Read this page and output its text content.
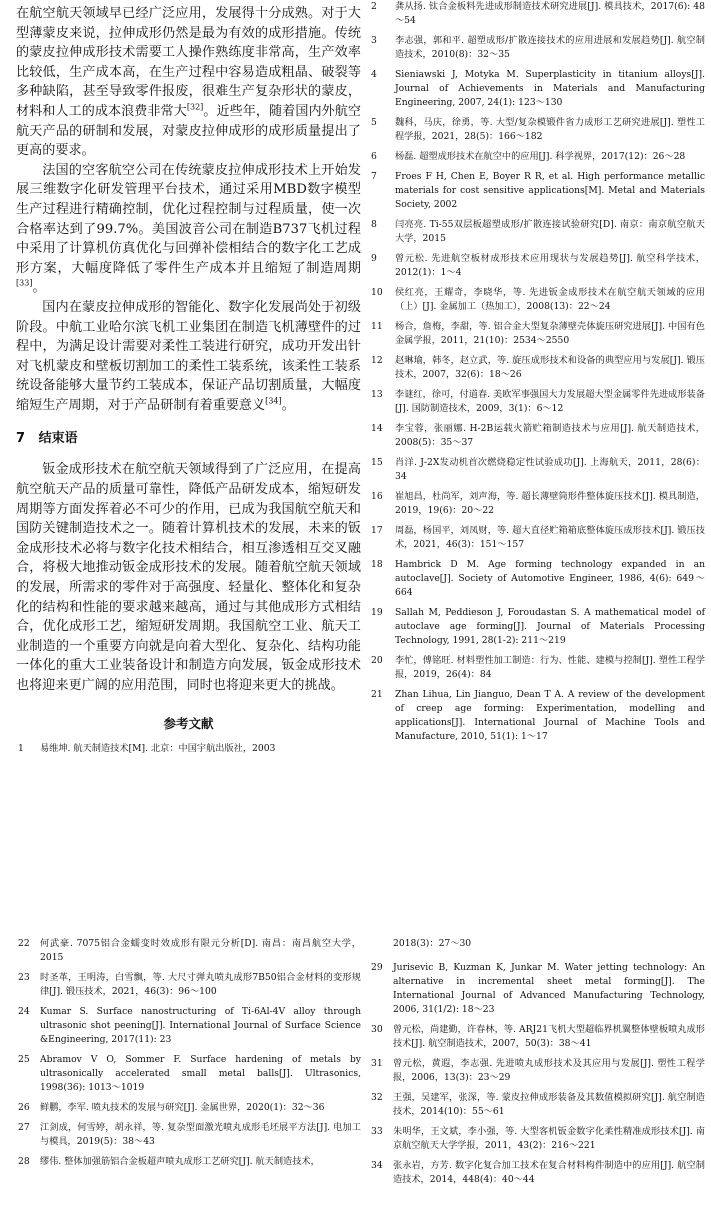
在航空航天领域早已经广泛应用，发展得十分成熟。对于大型薄蒙皮来说，拉伸成形仍然是最为有效的成形措施。传统的蒙皮拉伸成形技术需要工人操作熟练度非常高，生产效率比较低，生产成本高，在生产过程中容易造成粗晶、破裂等多种缺陷，甚至导致零件报废，很难生产复杂形状的蒙皮，材料和人工的成本浪费非常大[32]。近些年，随着国内外航空航天产品的研制和发展，对蒙皮拉伸成形的成形质量提出了更高的要求。

法国的空客航空公司在传统蒙皮拉伸成形技术上开始发展三维数字化研发管理平台技术，通过采用MBD数字模型生产过程进行精确控制，优化过程控制与过程质量，使一次合格率达到了99.7%。美国波音公司在制造B737飞机过程中采用了计算机仿真优化与回弹补偿相结合的数字化工艺成形方案，大幅度降低了零件生产成本并且缩短了制造周期[33]。

国内在蒙皮拉伸成形的智能化、数字化发展尚处于初级阶段。中航工业哈尔滨飞机工业集团在制造飞机薄壁件的过程中，为满足设计需要对柔性工装进行研究，成功开发出针对飞机蒙皮和壁板切割加工的柔性工装系统，该柔性工装系统设备能够大量节约工装成本，保证产品切割质量，大幅度缩短生产周期，对于产品研制有着重要意义[34]。

7 结束语

钣金成形技术在航空航天领域得到了广泛应用，在提高航空航天产品的质量可靠性，降低产品研发成本，缩短研发周期等方面发挥着必不可少的作用，已成为我国航空航天和国防关键制造技术之一。随着计算机技术的发展，未来的钣金成形技术必将与数字化技术相结合，相互渗透相互交叉融合，将极大地推动钣金成形技术的发展。随着航空航天领域的发展，所需求的零件对于高强度、轻量化、整体化和复杂化的结构和性能的要求越来越高，通过与其他成形方式相结合，优化成形工艺，缩短研发周期。我国航空工业、航天工业制造的一个重要方向就是向着大型化、复杂化、结构功能一体化的重大工业装备设计和制造方向发展，钣金成形技术也将迎来更广阔的应用范围，同时也将迎来更大的挑战。

参考文献
1	易维坤. 航天制造技术[M]. 北京：中国宇航出版社，2003
2	龚从扬. 钛合金板料先进成形制造技术研究进展[J]. 模具技术，2017(6): 48～54
3	李志强，郭和平. 超塑成形/扩散连接技术的应用进展和发展趋势[J]. 航空制造技术，2010(8)：32～35
4	Sieniawski J, Motyka M. Superplasticity in titanium alloys[J]. Journal of Achievements in Materials and Manufacturing Engineering, 2007, 24(1): 123～130
5	魏科，马庆，徐勇，等. 大型/复杂模锻件省力成形工艺研究进展[J]. 塑性工程学报，2021，28(5)：166～182
6	杨磊. 超塑成形技术在航空中的应用[J]. 科学视界，2017(12)：26～28
7	Froes F H, Chen E, Boyer R R, et al. High performance metallic materials for cost sensitive applications[M]. Metal and Materials Society, 2002
8	闫亮亮. Ti-55双层板超塑成形/扩散连接试验研究[D]. 南京：南京航空航天大学，2015
9	曾元松. 先进航空板材成形技术应用现状与发展趋势[J]. 航空科学技术，2012(1)：1～4
10	侯红亮，王耀奇，李晓华，等. 先进钣金成形技术在航空航天领域的应用（上）[J]. 金属加工（热加工），2008(13)：22～24
11	杨合，詹梅，李甜，等. 铝合金大型复杂薄壁壳体旋压研究进展[J]. 中国有色金属学报，2011，21(10)：2534～2550
12	赵琳瑜，韩冬，赵立武，等. 旋压成形技术和设备的典型应用与发展[J]. 锻压技术，2007，32(6)：18～26
13	李谜红，徐可，付道春. 美欧军事强国大力发展超大型金属零件先进成形装备[J]. 国防制造技术，2009，3(1)：6～12
14	李宝蓉，张丽娜. H-2B运载火箭贮箱制造技术与应用[J]. 航天制造技术，2008(5)：35～37
15	肖洋. J-2X发动机首次燃烧稳定性试验成功[J]. 上海航天，2011，28(6)：34
16	崔旭昌，杜尚军，刘声海，等. 超长薄壁筒形件整体旋压技术[J]. 模具制造，2019，19(6)：20～22
17	周磊，杨国平，刘凤财，等. 超大直径贮箱箱底整体旋压成形技术[J]. 锻压技术，2021，46(3)：151～157
18	Hambrick D M. Age forming technology expanded in an autoclave[J]. Society of Automotive Engineer, 1986, 4(6): 649～664
19	Sallah M, Peddieson J, Foroudastan S. A mathematical model of autoclave age forming[J]. Journal of Materials Processing Technology, 1991, 28(1-2): 211～219
20	李忙，傅铭旺. 材料塑性加工制造：行为、性能、建模与控制[J]. 塑性工程学报，2019，26(4)：84
21	Zhan Lihua, Lin Jianguo, Dean T A. A review of the development of creep age forming: Experimentation, modelling and applications[J]. International Journal of Machine Tools and Manufacture, 2010, 51(1): 1～17
22	何武豪. 7075铝合金蠕变时效成形有限元分析[D]. 南昌：南昌航空大学，2015
23	时圣革，王明涛，白雪飘，等. 大尺寸弹丸喷丸成形7B50铝合金材料的变形规律[J]. 锻压技术，2021，46(3)：96～100
24	Kumar S. Surface nanostructuring of Ti-6Al-4V alloy through ultrasonic shot peening[J]. International Journal of Surface Science &Engineering, 2017(11): 23
25	Abramov V O, Sommer F. Surface hardening of metals by ultrasonically accelerated small metal balls[J]. Ultrasonics, 1998(36): 1013～1019
26	鲜鹏，李军. 喷丸技术的发展与研究[J]. 金属世界，2020(1)：32～36
27	江剑成，何雪婷，胡永祥，等. 复杂型面激光喷丸成形毛坯展平方法[J]. 电加工与模具，2019(5)：38～43
28	缪伟. 整体加强筋铝合金板超声喷丸成形工艺研究[J]. 航天制造技术，
2018(3)：27～30
29	Jurisevic B, Kuzman K, Junkar M. Water jetting technology: An alternative in incremental sheet metal forming[J]. The International Journal of Advanced Manufacturing Technology, 2006, 31(1/2): 18～23
30	曾元松，尚建勤，许春林，等. ARJ21飞机大型超临界机翼整体壁板喷丸成形技术[J]. 航空制造技术，2007，50(3)：38～41
31	曾元松，黄遐，李志强. 先进喷丸成形技术及其应用与发展[J]. 塑性工程学报，2006，13(3)：23～29
32	王强，吴建军，张深，等. 蒙皮拉伸成形装备及其数值模拟研究[J]. 航空制造技术，2014(10)：55～61
33	朱明华，王文斌，李小强，等. 大型客机钣金数字化柔性精准成形技术[J]. 南京航空航天大学学报，2011，43(2)：216～221
34	张永岩，方芳. 数字化复合加工技术在复合材料构件制造中的应用[J]. 航空制造技术，2014，448(4)：40～44
